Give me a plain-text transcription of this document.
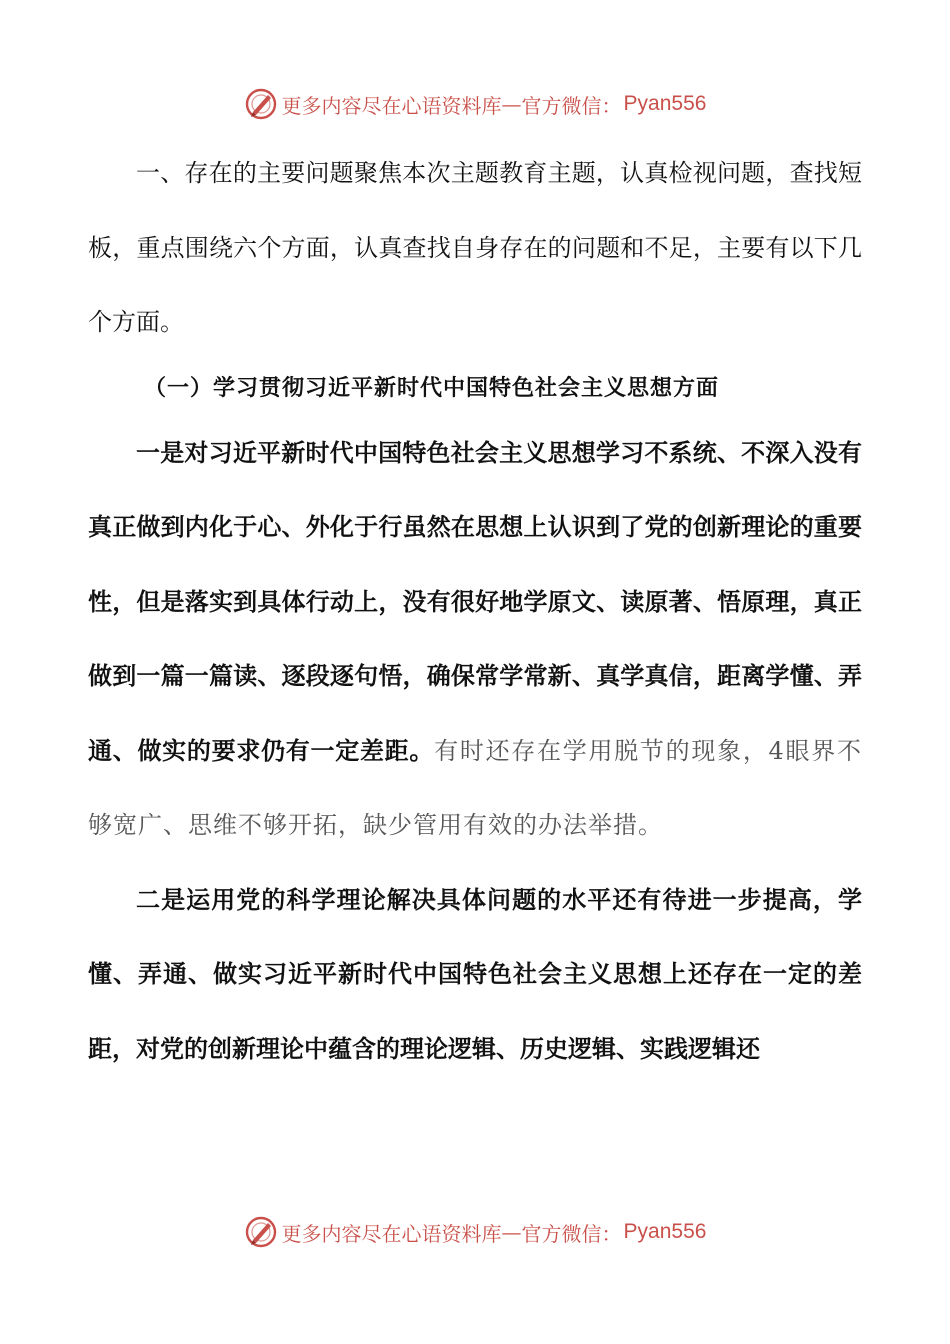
更多内容尽在心语资料库 — 官方微信： Pyan556

一、存在的主要问题聚焦本次主题教育主题，认真检视问题，查找短板，重点围绕六个方面，认真查找自身存在的问题和不足，主要有以下几个方面。

（一）学习贯彻习近平新时代中国特色社会主义思想方面

一是对习近平新时代中国特色社会主义思想学习不系统、不深入没有真正做到内化于心、外化于行虽然在思想上认识到了党的创新理论的重要性，但是落实到具体行动上，没有很好地学原文、读原著、悟原理，真正做到一篇一篇读、逐段逐句悟，确保常学常新、真学真信，距离学懂、弄通、做实的要求仍有一定差距。有时还存在学用脱节的现象，4眼界不够宽广、思维不够开拓，缺少管用有效的办法举措。

二是运用党的科学理论解决具体问题的水平还有待进一步提高，学懂、弄通、做实习近平新时代中国特色社会主义思想上还存在一定的差距，对党的创新理论中蕴含的理论逻辑、历史逻辑、实践逻辑还

更多内容尽在心语资料库 — 官方微信： Pyan556
